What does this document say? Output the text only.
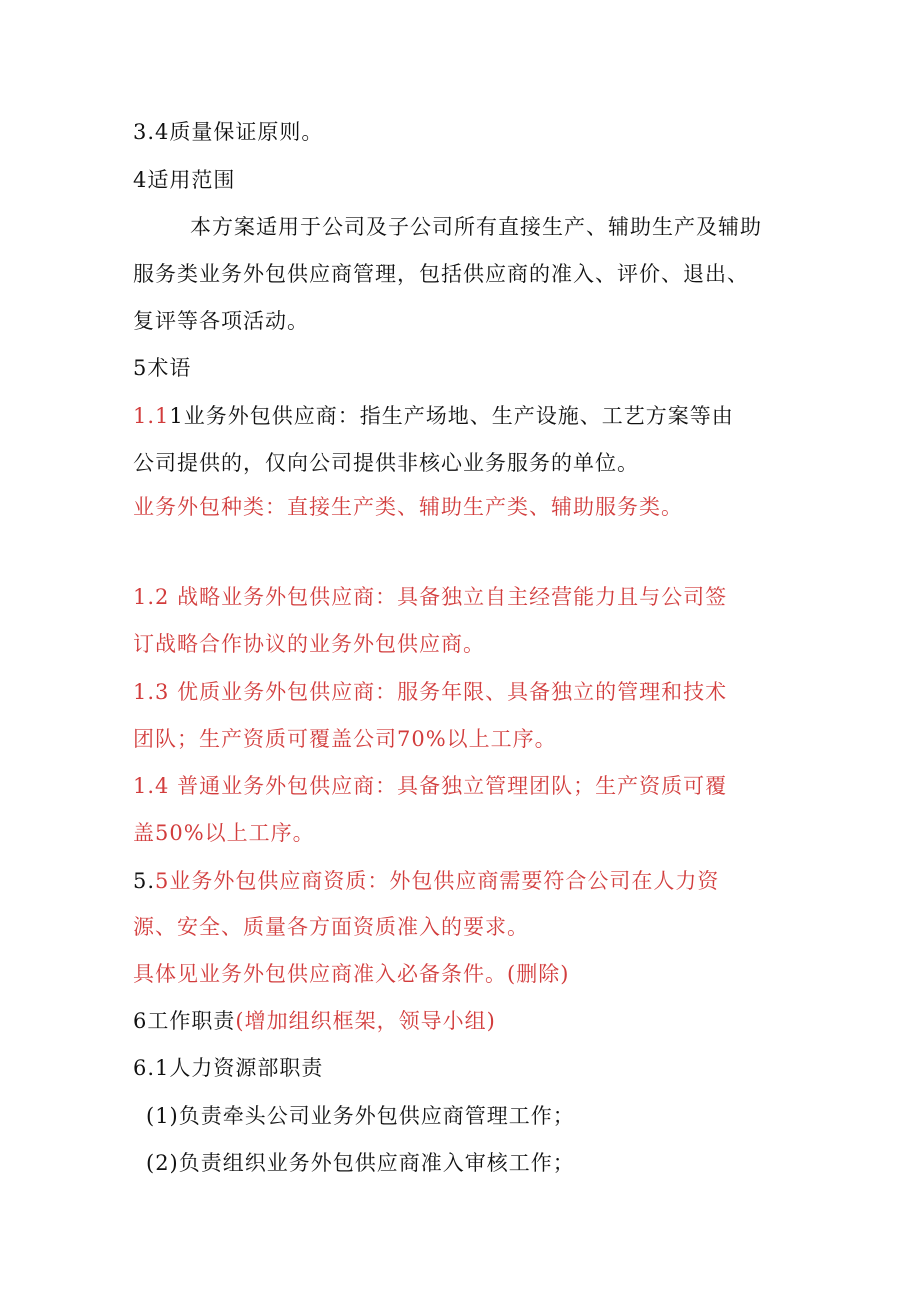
3.4质量保证原则。
4适用范围
本方案适用于公司及子公司所有直接生产、辅助生产及辅助
服务类业务外包供应商管理，包括供应商的准入、评价、退出、
复评等各项活动。
5术语
1.11业务外包供应商：指生产场地、生产设施、工艺方案等由
公司提供的，仅向公司提供非核心业务服务的单位。
业务外包种类：直接生产类、辅助生产类、辅助服务类。
1.2 战略业务外包供应商：具备独立自主经营能力且与公司签
订战略合作协议的业务外包供应商。
1.3 优质业务外包供应商：服务年限、具备独立的管理和技术
团队；生产资质可覆盖公司70%以上工序。
1.4 普通业务外包供应商：具备独立管理团队；生产资质可覆
盖50%以上工序。
5.5业务外包供应商资质：外包供应商需要符合公司在人力资
源、安全、质量各方面资质准入的要求。
具体见业务外包供应商准入必备条件。(删除)
6工作职责(增加组织框架，领导小组)
6.1人力资源部职责
(1)负责牵头公司业务外包供应商管理工作；
(2)负责组织业务外包供应商准入审核工作；
